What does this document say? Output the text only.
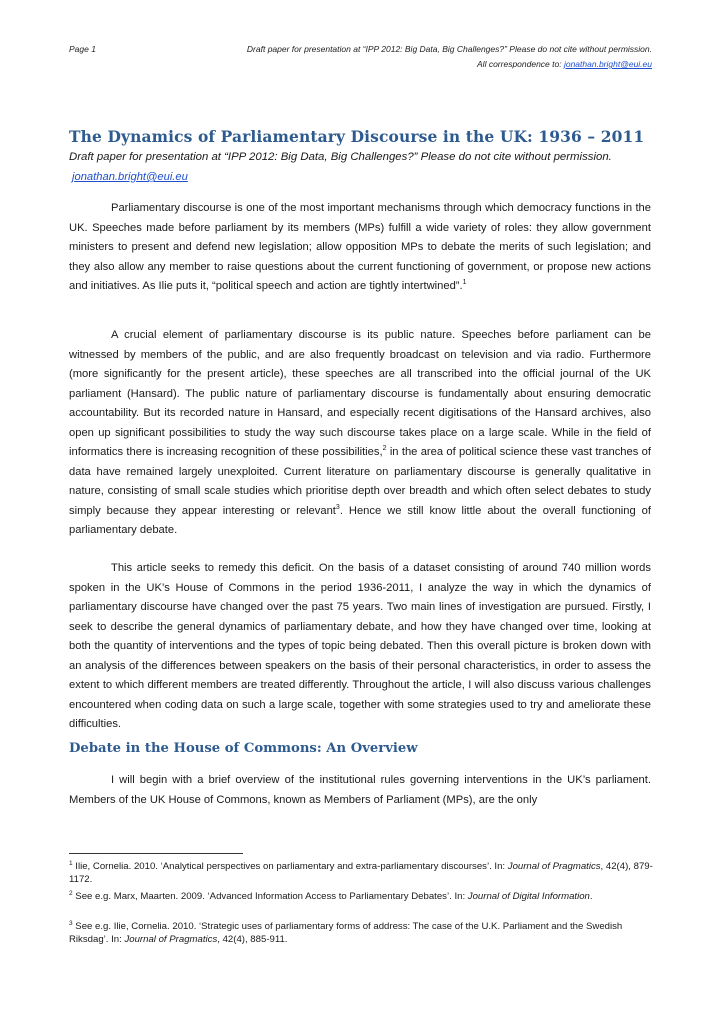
Page 1	Draft paper for presentation at “IPP 2012: Big Data, Big Challenges?” Please do not cite without permission.
All correspondence to: jonathan.bright@eui.eu
The Dynamics of Parliamentary Discourse in the UK: 1936 – 2011
Draft paper for presentation at “IPP 2012: Big Data, Big Challenges?” Please do not cite without permission.
jonathan.bright@eui.eu

Parliamentary discourse is one of the most important mechanisms through which democracy functions in the UK. Speeches made before parliament by its members (MPs) fulfill a wide variety of roles: they allow government ministers to present and defend new legislation; allow opposition MPs to debate the merits of such legislation; and they also allow any member to raise questions about the current functioning of government, or propose new actions and initiatives. As Ilie puts it, “political speech and action are tightly intertwined”.$^1$

A crucial element of parliamentary discourse is its public nature. Speeches before parliament can be witnessed by members of the public, and are also frequently broadcast on television and via radio. Furthermore (more significantly for the present article), these speeches are all transcribed into the official journal of the UK parliament (Hansard). The public nature of parliamentary discourse is fundamentally about ensuring democratic accountability. But its recorded nature in Hansard, and especially recent digitisations of the Hansard archives, also open up significant possibilities to study the way such discourse takes place on a large scale. While in the field of informatics there is increasing recognition of these possibilities,$^2$ in the area of political science these vast tranches of data have remained largely unexploited. Current literature on parliamentary discourse is generally qualitative in nature, consisting of small scale studies which prioritise depth over breadth and which often select debates to study simply because they appear interesting or relevant$^3$. Hence we still know little about the overall functioning of parliamentary debate.

This article seeks to remedy this deficit. On the basis of a dataset consisting of around 740 million words spoken in the UK’s House of Commons in the period 1936-2011, I analyze the way in which the dynamics of parliamentary discourse have changed over the past 75 years. Two main lines of investigation are pursued. Firstly, I seek to describe the general dynamics of parliamentary debate, and how they have changed over time, looking at both the quantity of interventions and the types of topic being debated. Then this overall picture is broken down with an analysis of the differences between speakers on the basis of their personal characteristics, in order to assess the extent to which different members are treated differently. Throughout the article, I will also discuss various challenges encountered when coding data on such a large scale, together with some strategies used to try and ameliorate these difficulties.

Debate in the House of Commons: An Overview

I will begin with a brief overview of the institutional rules governing interventions in the UK’s parliament. Members of the UK House of Commons, known as Members of Parliament (MPs), are the only

$^1$ Ilie, Cornelia. 2010. ‘Analytical perspectives on parliamentary and extra-parliamentary discourses’. In: Journal of Pragmatics, 42(4), 879-1172.

$^2$ See e.g. Marx, Maarten. 2009. ‘Advanced Information Access to Parliamentary Debates’. In: Journal of Digital Information.

$^3$ See e.g. Ilie, Cornelia. 2010. ‘Strategic uses of parliamentary forms of address: The case of the U.K. Parliament and the Swedish Riksdag’. In: Journal of Pragmatics, 42(4), 885-911.
